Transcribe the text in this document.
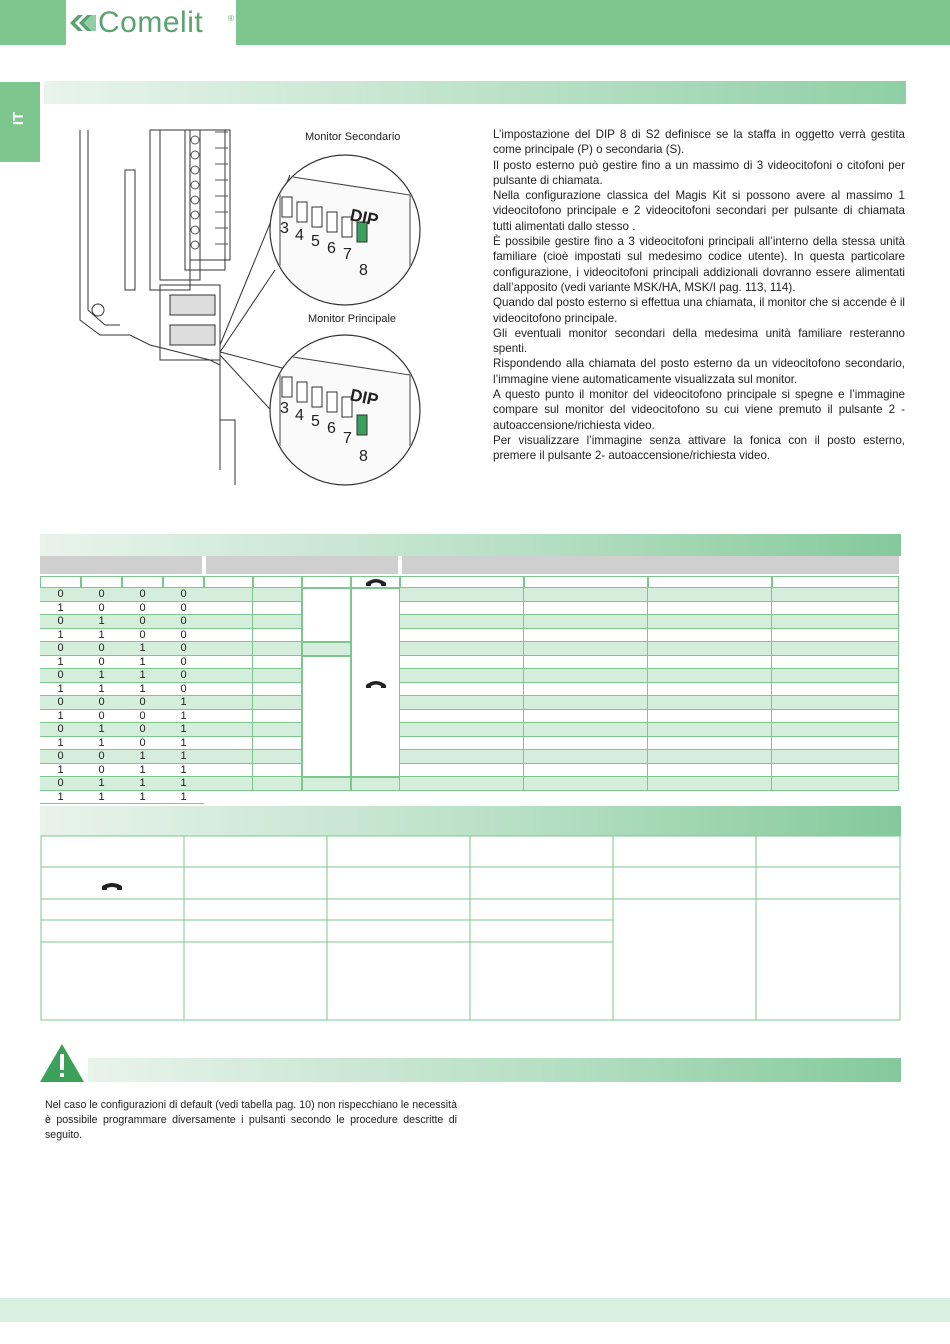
Comelit	®
IT
DIP
DIP
3 4 5 6 7
8
3 4 5 6
7
8
Monitor Secondario
Monitor Principale

L’impostazione del DIP 8 di S2 definisce se la staffa in oggetto verrà gestita come principale (P) o secondaria (S).

Il posto esterno può gestire fino a un massimo di 3 videocitofoni o citofoni per pulsante di chiamata.

Nella configurazione classica del Magis Kit si possono avere al massimo 1 videocitofono principale e 2 videocitofoni secondari per pulsante di chiamata tutti alimentati dallo stesso .

È possibile gestire fino a 3 videocitofoni principali all’interno della stessa unità familiare (cioè impostati sul medesimo codice utente). In questa particolare configurazione, i videocitofoni principali addizionali dovranno essere alimentati dall’apposito (vedi variante MSK/HA, MSK/I pag. 113, 114).

Quando dal posto esterno si effettua una chiamata, il monitor che si accende è il videocitofono principale.

Gli eventuali monitor secondari della medesima unità familiare resteranno spenti.

Rispondendo alla chiamata del posto esterno da un videocitofono secondario, l’immagine viene automaticamente visualizzata sul monitor.

A questo punto il monitor del videocitofono principale si spegne e l’immagine compare sul monitor del videocitofono su cui viene premuto il pulsante 2 - autoaccensione/richiesta video.

Per visualizzare l’immagine senza attivare la fonica con il posto esterno, premere il pulsante 2- autoaccensione/richiesta video.

0	0	0	0
1	0	0	0
0	1	0	0
1	1	0	0
0	0	1	0
1	0	1	0
0	1	1	0
1	1	1	0
0	0	0	1
1	0	0	1
0	1	0	1
1	1	0	1
0	0	1	1
1	0	1	1
0	1	1	1
1	1	1	1
Nel caso le configurazioni di default (vedi tabella pag. 10) non rispecchiano le necessità è possibile programmare diversamente i pulsanti secondo le procedure descritte di seguito.
